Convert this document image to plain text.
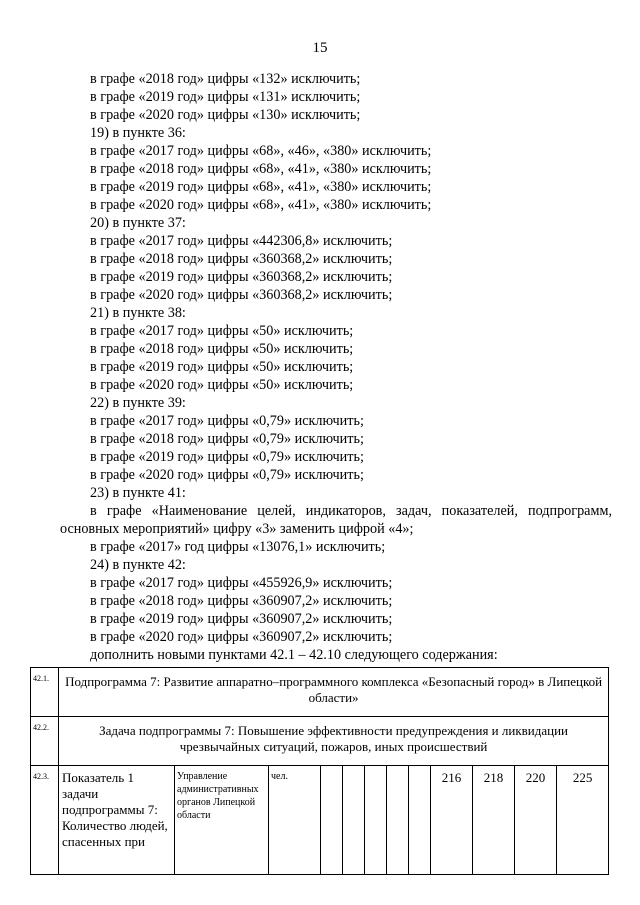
15
в графе «2018 год» цифры «132» исключить;
в графе «2019 год» цифры «131» исключить;
в графе «2020 год» цифры «130» исключить;
19) в пункте 36:
в графе «2017 год» цифры «68», «46», «380» исключить;
в графе «2018 год» цифры «68», «41», «380» исключить;
в графе «2019 год» цифры «68», «41», «380» исключить;
в графе «2020 год» цифры «68», «41», «380» исключить;
20) в пункте 37:
в графе «2017 год» цифры «442306,8» исключить;
в графе «2018 год» цифры «360368,2» исключить;
в графе «2019 год» цифры «360368,2» исключить;
в графе «2020 год» цифры «360368,2» исключить;
21) в пункте 38:
в графе «2017 год» цифры «50» исключить;
в графе «2018 год» цифры «50» исключить;
в графе «2019 год» цифры «50» исключить;
в графе «2020 год» цифры «50» исключить;
22) в пункте 39:
в графе «2017 год» цифры «0,79» исключить;
в графе «2018 год» цифры «0,79» исключить;
в графе «2019 год» цифры «0,79» исключить;
в графе «2020 год» цифры «0,79» исключить;
23) в пункте 41:
в графе «Наименование целей, индикаторов, задач, показателей, подпрограмм, основных мероприятий» цифру «3» заменить цифрой «4»;
в графе «2017» год цифры «13076,1» исключить;
24) в пункте 42:
в графе «2017 год» цифры «455926,9» исключить;
в графе «2018 год» цифры «360907,2» исключить;
в графе «2019 год» цифры «360907,2» исключить;
в графе «2020 год» цифры «360907,2» исключить;
дополнить новыми пунктами 42.1 – 42.10 следующего содержания:
42.1.	Подпрограмма 7: Развитие аппаратно–программного комплекса «Безопасный город» в Липецкой области»											
42.2.	Задача подпрограммы 7: Повышение эффективности предупреждения и ликвидации чрезвычайных ситуаций, пожаров, иных происшествий											
42.3.	Показатель 1 задачи подпрограммы 7: Количество людей, спасенных при	Управление административных органов Липецкой области	чел.						216	218	220	225
